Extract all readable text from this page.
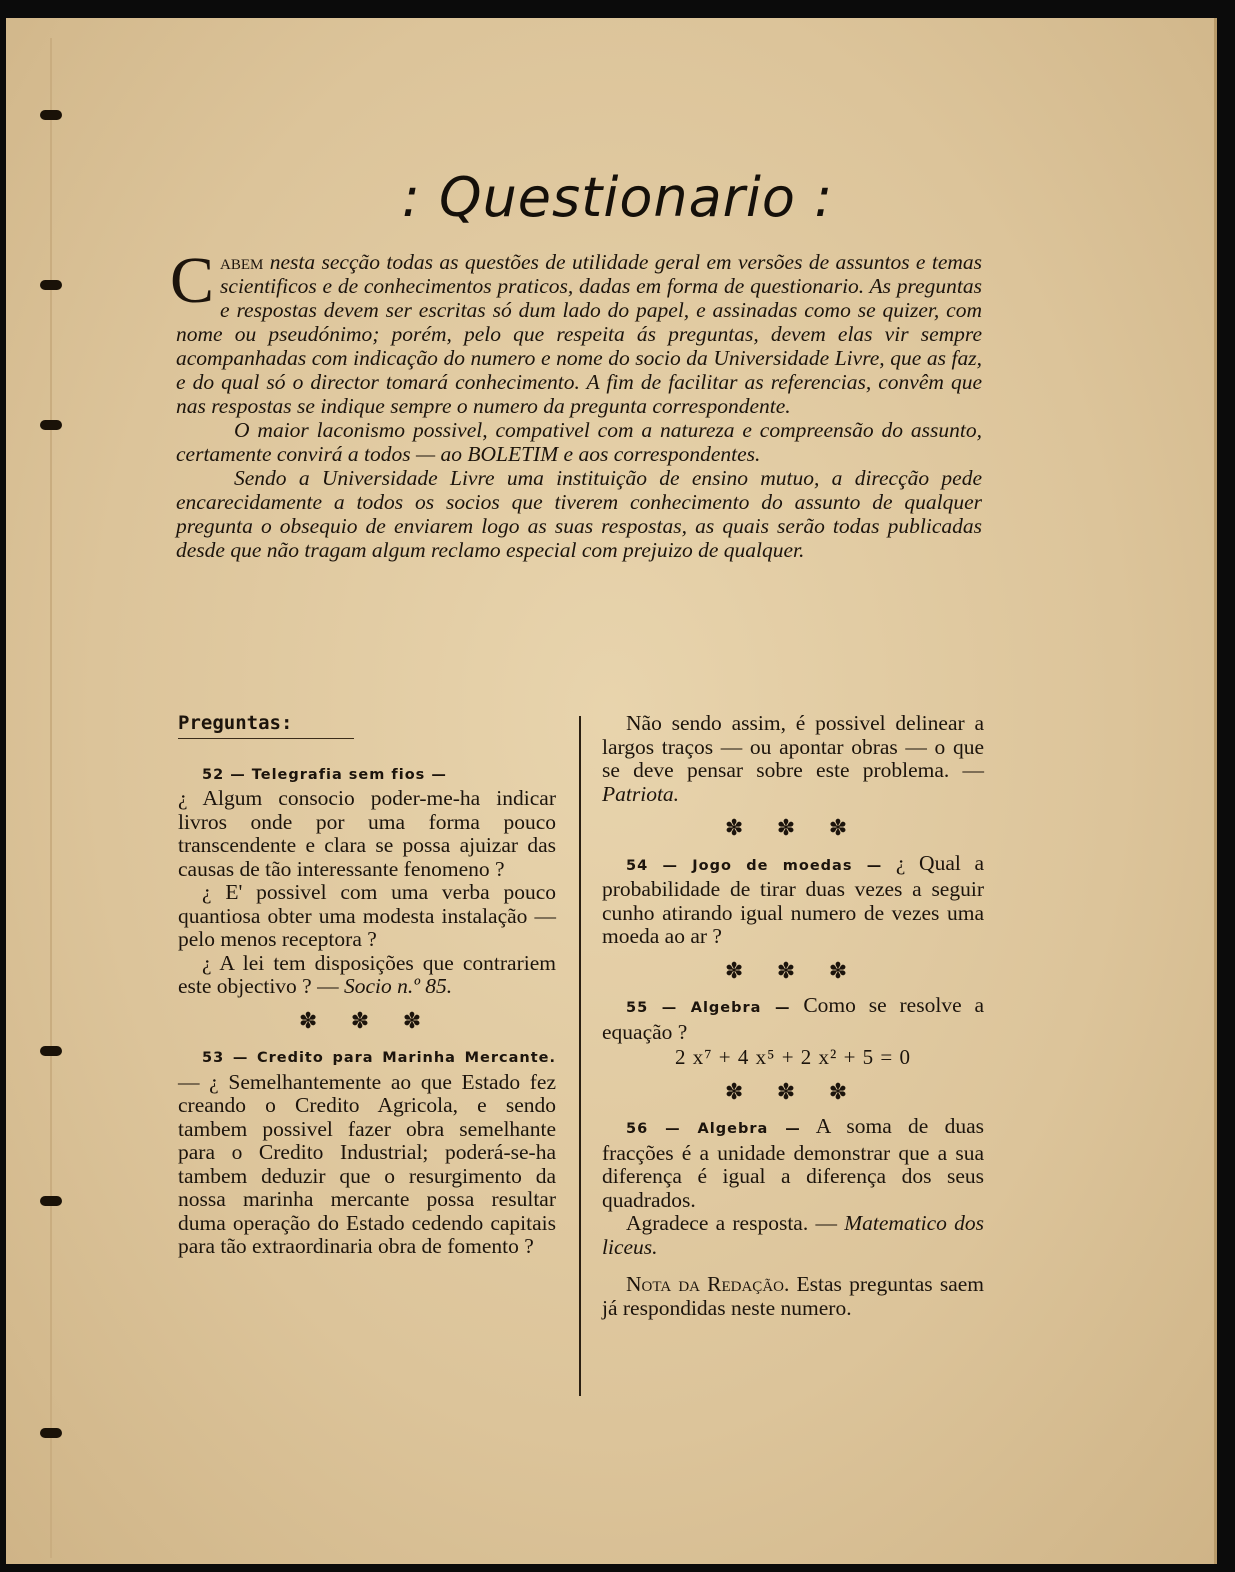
: Questionario :

Cabem nesta secção todas as questões de utilidade geral em versões de assuntos e temas scientificos e de conhecimentos praticos, dadas em forma de questionario. As preguntas e respostas devem ser escritas só dum lado do papel, e assinadas como se quizer, com nome ou pseudónimo; porém, pelo que respeita ás preguntas, devem elas vir sempre acompanhadas com indicação do numero e nome do socio da Universidade Livre, que as faz, e do qual só o director tomará conhecimento. A fim de facilitar as referencias, convêm que nas respostas se indique sempre o numero da pregunta correspondente.

O maior laconismo possivel, compativel com a natureza e compreensão do assunto, certamente convirá a todos — ao BOLETIM e aos correspondentes.

Sendo a Universidade Livre uma instituição de ensino mutuo, a direcção pede encarecidamente a todos os socios que tiverem conhecimento do assunto de qualquer pregunta o obsequio de enviarem logo as suas respostas, as quais serão todas publicadas desde que não tragam algum reclamo especial com prejuizo de qualquer.

Preguntas:

52 — Telegrafia sem fios —

¿ Algum consocio poder-me-ha indicar livros onde por uma forma pouco transcendente e clara se possa ajuizar das causas de tão interessante fenomeno ?

¿ E' possivel com uma verba pouco quantiosa obter uma modesta instalação — pelo menos receptora ?

¿ A lei tem disposições que contrariem este objectivo ? — Socio n.º 85.

✽ ✽ ✽

53 — Credito para Marinha Mercante. — ¿ Semelhantemente ao que Estado fez creando o Credito Agricola, e sendo tambem possivel fazer obra semelhante para o Credito Industrial; poderá-se-ha tambem deduzir que o resurgimento da nossa marinha mercante possa resultar duma operação do Estado cedendo capitais para tão extraordinaria obra de fomento ?

Não sendo assim, é possivel delinear a largos traços — ou apontar obras — o que se deve pensar sobre este problema. — Patriota.

✽ ✽ ✽

54 — Jogo de moedas — ¿ Qual a probabilidade de tirar duas vezes a seguir cunho atirando igual numero de vezes uma moeda ao ar ?

✽ ✽ ✽

55 — Algebra — Como se resolve a equação ?

2 x⁷ + 4 x⁵ + 2 x² + 5 = 0
✽ ✽ ✽

56 — Algebra — A soma de duas fracções é a unidade demonstrar que a sua diferença é igual a diferença dos seus quadrados.

Agradece a resposta. — Matematico dos liceus.

Nota da Redação. Estas preguntas saem já respondidas neste numero.
